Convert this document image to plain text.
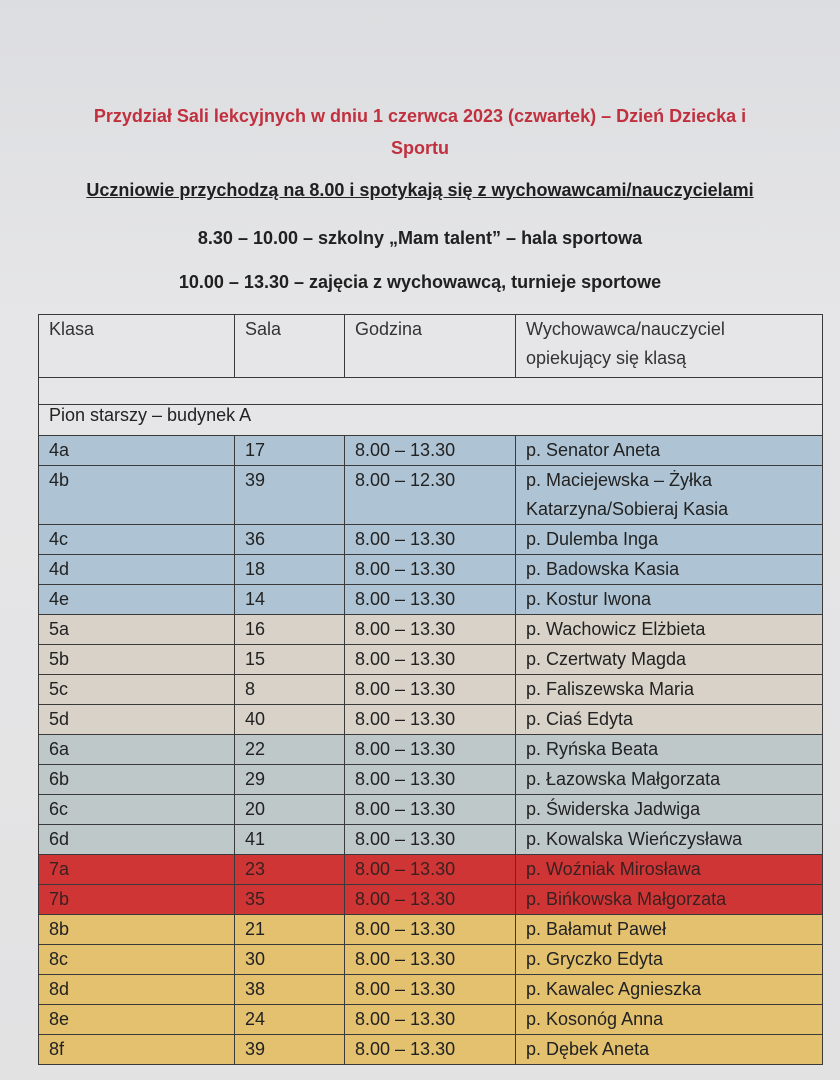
Przydział Sali lekcyjnych w dniu 1 czerwca 2023 (czwartek) – Dzień Dziecka i
Sportu
Uczniowie przychodzą na 8.00 i spotykają się z wychowawcami/nauczycielami
8.30 – 10.00 – szkolny „Mam talent” – hala sportowa
10.00 – 13.30 – zajęcia z wychowawcą, turnieje sportowe
Klasa	Sala	Godzina	Wychowawca/nauczyciel
opiekujący się klasą

Pion starszy – budynek A			
4a	17	8.00 – 13.30	p. Senator Aneta
4b	39	8.00 – 12.30	p. Maciejewska – Żyłka
Katarzyna/Sobieraj Kasia

4c	36	8.00 – 13.30	p. Dulemba Inga
4d	18	8.00 – 13.30	p. Badowska Kasia
4e	14	8.00 – 13.30	p. Kostur Iwona
5a	16	8.00 – 13.30	p. Wachowicz Elżbieta
5b	15	8.00 – 13.30	p. Czertwaty Magda
5c	8	8.00 – 13.30	p. Faliszewska Maria
5d	40	8.00 – 13.30	p. Ciaś Edyta
6a	22	8.00 – 13.30	p. Ryńska Beata
6b	29	8.00 – 13.30	p. Łazowska Małgorzata
6c	20	8.00 – 13.30	p. Świderska Jadwiga
6d	41	8.00 – 13.30	p. Kowalska Wieńczysława
7a	23	8.00 – 13.30	p. Woźniak Mirosława
7b	35	8.00 – 13.30	p. Bińkowska Małgorzata
8b	21	8.00 – 13.30	p. Bałamut Paweł
8c	30	8.00 – 13.30	p. Gryczko Edyta
8d	38	8.00 – 13.30	p. Kawalec Agnieszka
8e	24	8.00 – 13.30	p. Kosonóg Anna
8f	39	8.00 – 13.30	p. Dębek Aneta
